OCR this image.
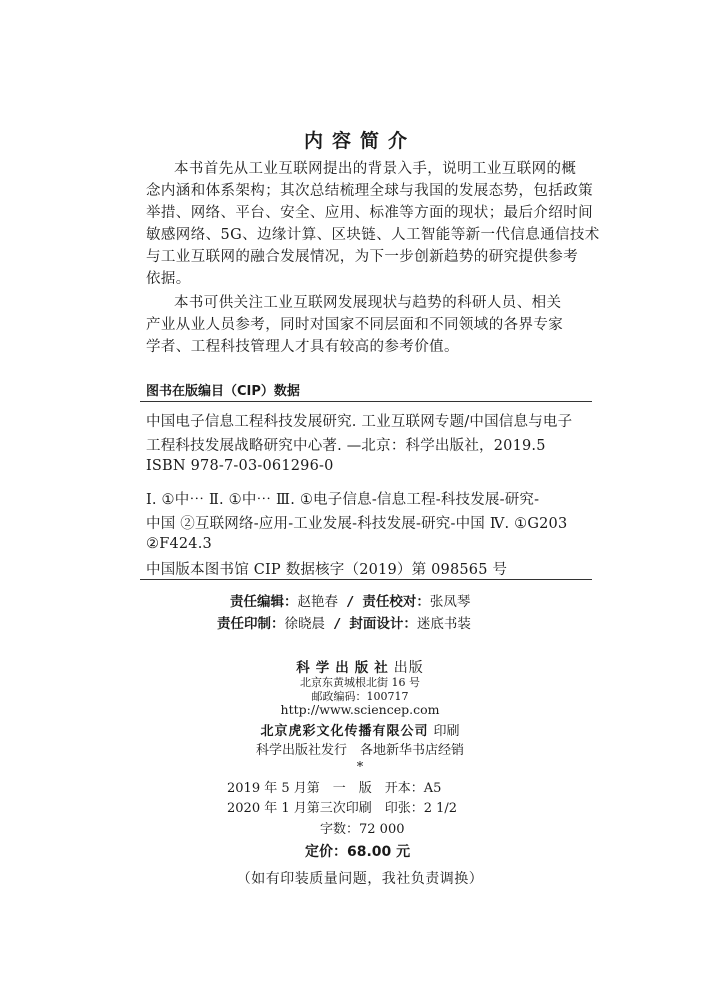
内容简介
本书首先从工业互联网提出的背景入手，说明工业互联网的概
念内涵和体系架构；其次总结梳理全球与我国的发展态势，包括政策
举措、网络、平台、安全、应用、标准等方面的现状；最后介绍时间
敏感网络、5G、边缘计算、区块链、人工智能等新一代信息通信技术
与工业互联网的融合发展情况，为下一步创新趋势的研究提供参考
依据。
本书可供关注工业互联网发展现状与趋势的科研人员、相关
产业从业人员参考，同时对国家不同层面和不同领域的各界专家
学者、工程科技管理人才具有较高的参考价值。
图书在版编目（CIP）数据
中国电子信息工程科技发展研究. 工业互联网专题/中国信息与电子
工程科技发展战略研究中心著. —北京：科学出版社，2019.5
ISBN 978-7-03-061296-0
Ⅰ. ①中⋯ Ⅱ. ①中⋯ Ⅲ. ①电子信息-信息工程-科技发展-研究-
中国 ②互联网络-应用-工业发展-科技发展-研究-中国 Ⅳ. ①G203
②F424.3
中国版本图书馆 CIP 数据核字（2019）第 098565 号
责任编辑：赵艳春 / 责任校对：张凤琴
责任印制：徐晓晨 / 封面设计：迷底书装
科学出版社出版
北京东黄城根北街 16 号
邮政编码：100717
http://www.sciencep.com
北京虎彩文化传播有限公司 印刷
科学出版社发行　各地新华书店经销
*
2019 年 5 月第　一　版　开本：A5
2020 年 1 月第三次印刷　印张：2 1/2
字数：72 000
定价：68.00 元
（如有印装质量问题，我社负责调换）
